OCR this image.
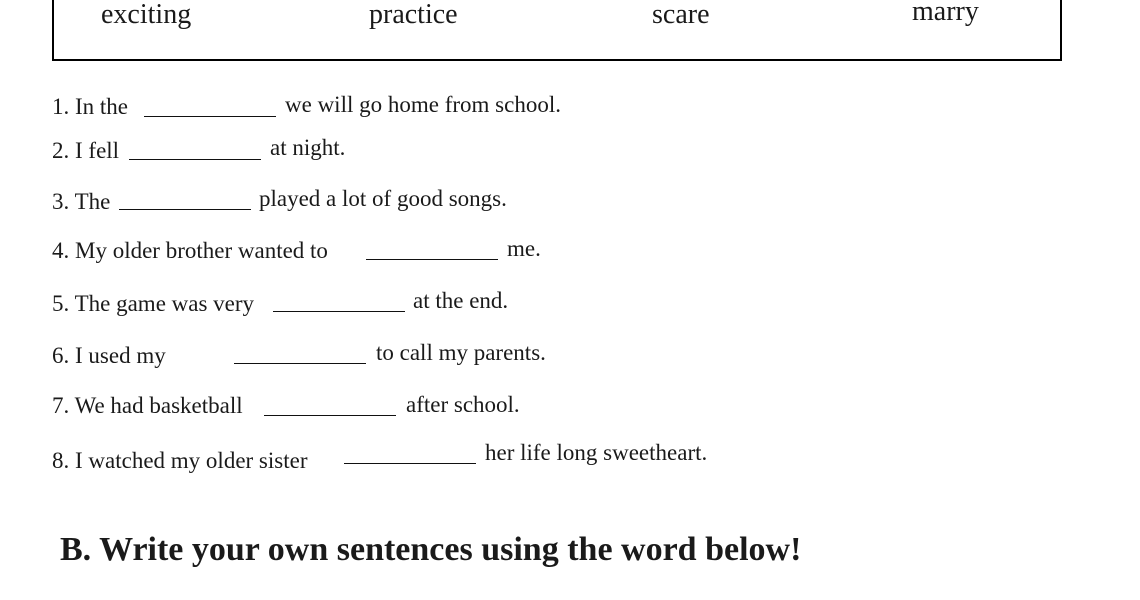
exciting	practice	scare	marry
1. In the	we will go home from school.
2. I fell	at night.
3. The	played a lot of good songs.
4. My older brother wanted to	me.
5. The game was very	at the end.
6. I used my	to call my parents.
7. We had basketball	after school.
8. I watched my older sister	her life long sweetheart.
B. Write your own sentences using the word below!
